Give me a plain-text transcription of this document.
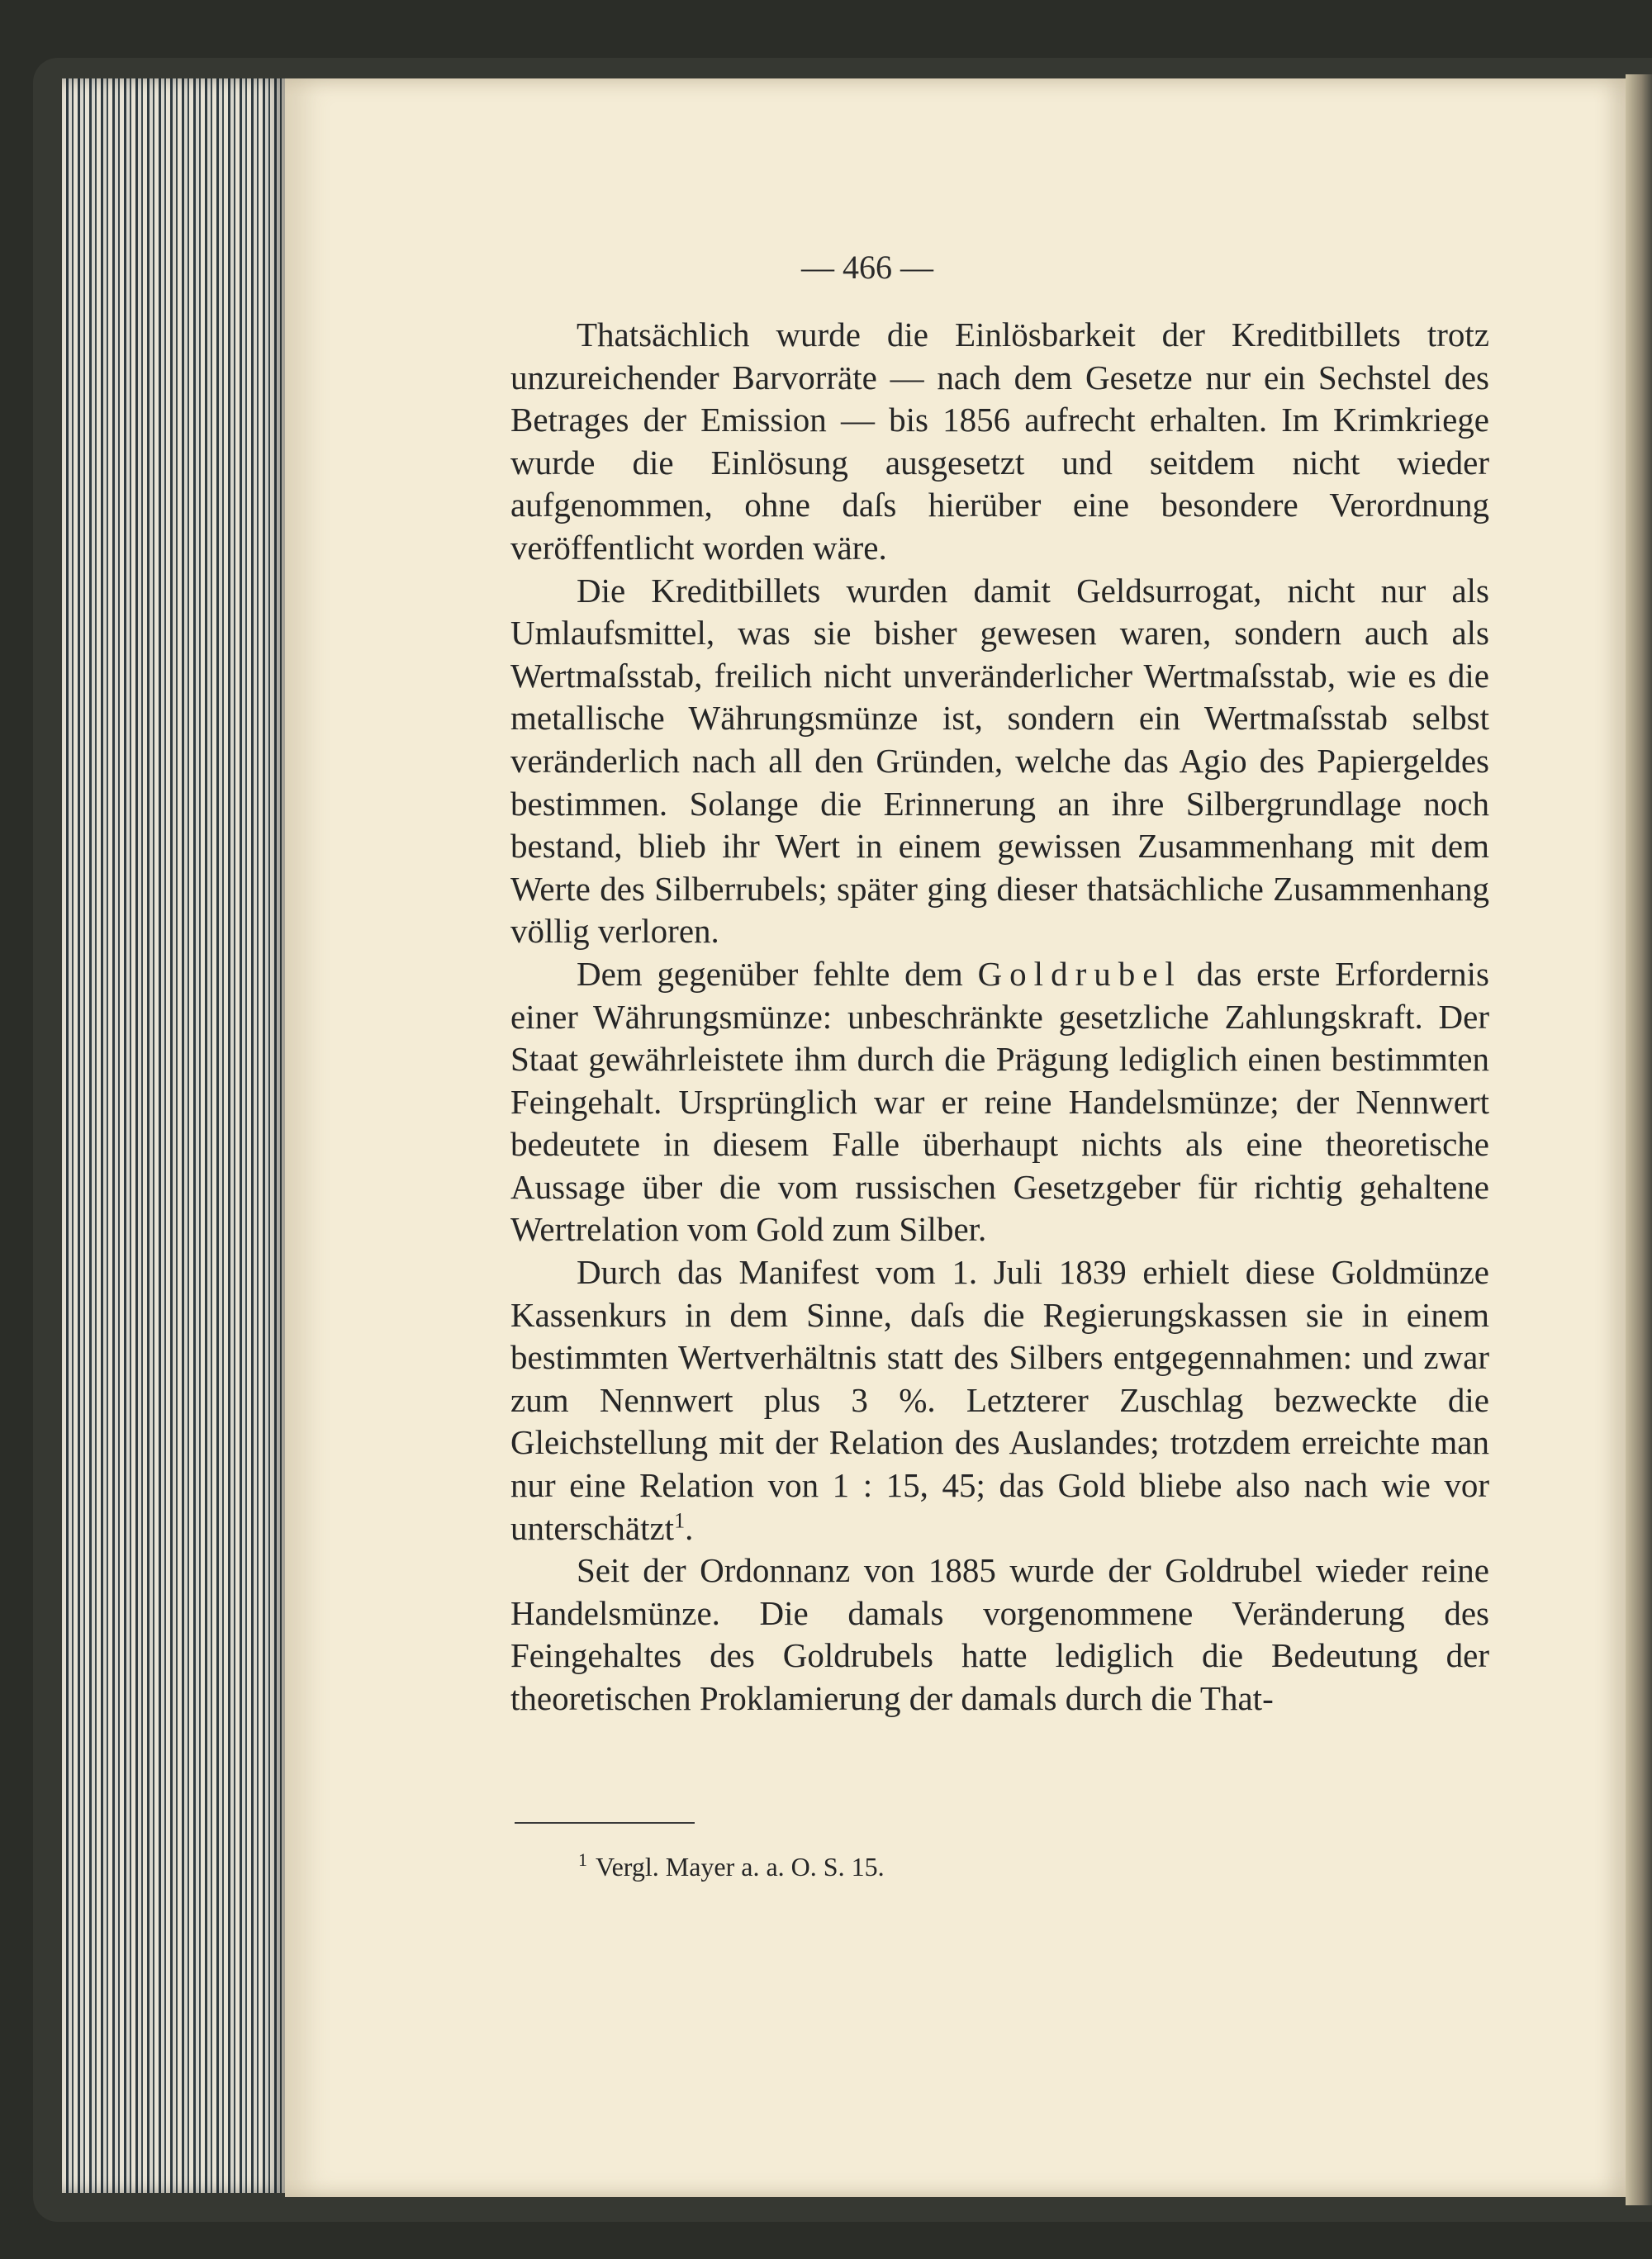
— 466 —

Thatsächlich wurde die Einlösbarkeit der Kreditbillets trotz unzureichender Barvorräte — nach dem Gesetze nur ein Sechstel des Betrages der Emission — bis 1856 aufrecht erhalten. Im Krimkriege wurde die Einlösung ausgesetzt und seitdem nicht wieder aufgenommen, ohne daſs hierüber eine besondere Verordnung veröffentlicht worden wäre.

Die Kreditbillets wurden damit Geldsurrogat, nicht nur als Umlaufsmittel, was sie bisher gewesen waren, sondern auch als Wertmaſsstab, freilich nicht unveränderlicher Wertmaſsstab, wie es die metallische Währungsmünze ist, sondern ein Wertmaſsstab selbst veränderlich nach all den Gründen, welche das Agio des Papiergeldes bestimmen. Solange die Erinnerung an ihre Silbergrundlage noch bestand, blieb ihr Wert in einem gewissen Zusammenhang mit dem Werte des Silberrubels; später ging dieser thatsächliche Zusammenhang völlig verloren.

Dem gegenüber fehlte dem Goldrubel das erste Erfordernis einer Währungsmünze: unbeschränkte gesetzliche Zahlungskraft. Der Staat gewährleistete ihm durch die Prägung lediglich einen bestimmten Feingehalt. Ursprünglich war er reine Handelsmünze; der Nennwert bedeutete in diesem Falle überhaupt nichts als eine theoretische Aussage über die vom russischen Gesetzgeber für richtig gehaltene Wertrelation vom Gold zum Silber.

Durch das Manifest vom 1. Juli 1839 erhielt diese Goldmünze Kassenkurs in dem Sinne, daſs die Regierungskassen sie in einem bestimmten Wertverhältnis statt des Silbers entgegennahmen: und zwar zum Nennwert plus 3 %. Letzterer Zuschlag bezweckte die Gleichstellung mit der Relation des Auslandes; trotzdem erreichte man nur eine Relation von 1 : 15, 45; das Gold bliebe also nach wie vor unterschätzt$^1$.

Seit der Ordonnanz von 1885 wurde der Goldrubel wieder reine Handelsmünze. Die damals vorgenommene Veränderung des Feingehaltes des Goldrubels hatte lediglich die Bedeutung der theoretischen Proklamierung der damals durch die That-

$^1$ Vergl. Mayer a. a. O. S. 15.
